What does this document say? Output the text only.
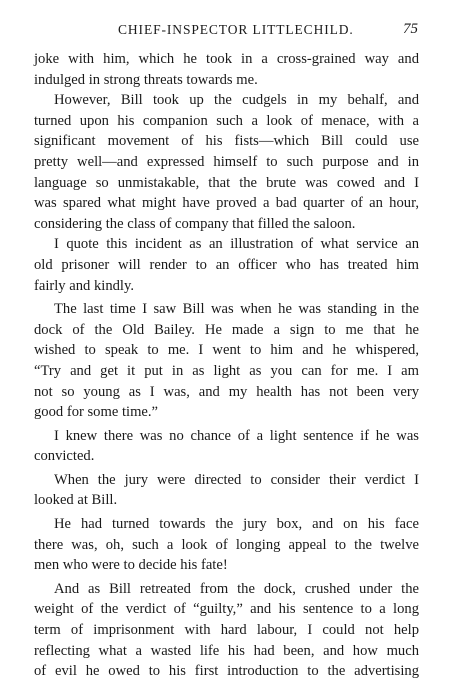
CHIEF-INSPECTOR LITTLECHILD.	75
joke with him, which he took in a cross-grained way and
indulged in strong threats towards me.
However, Bill took up the cudgels in my behalf, and
turned upon his companion such a look of menace, with a
significant movement of his fists—which Bill could use
pretty well—and expressed himself to such purpose and in
language so unmistakable, that the brute was cowed and I
was spared what might have proved a bad quarter of an hour,
considering the class of company that filled the saloon.
I quote this incident as an illustration of what service an
old prisoner will render to an officer who has treated him
fairly and kindly.
The last time I saw Bill was when he was standing in the
dock of the Old Bailey. He made a sign to me that he
wished to speak to me. I went to him and he whispered,
“Try and get it put in as light as you can for me. I am
not so young as I was, and my health has not been very
good for some time.”
I knew there was no chance of a light sentence if he was
convicted.
When the jury were directed to consider their verdict I
looked at Bill.
He had turned towards the jury box, and on his face
there was, oh, such a look of longing appeal to the twelve
men who were to decide his fate!
And as Bill retreated from the dock, crushed under the
weight of the verdict of “guilty,” and his sentence to a long
term of imprisonment with hard labour, I could not help
reflecting what a wasted life his had been, and how much
of evil he owed to his first introduction to the advertising
